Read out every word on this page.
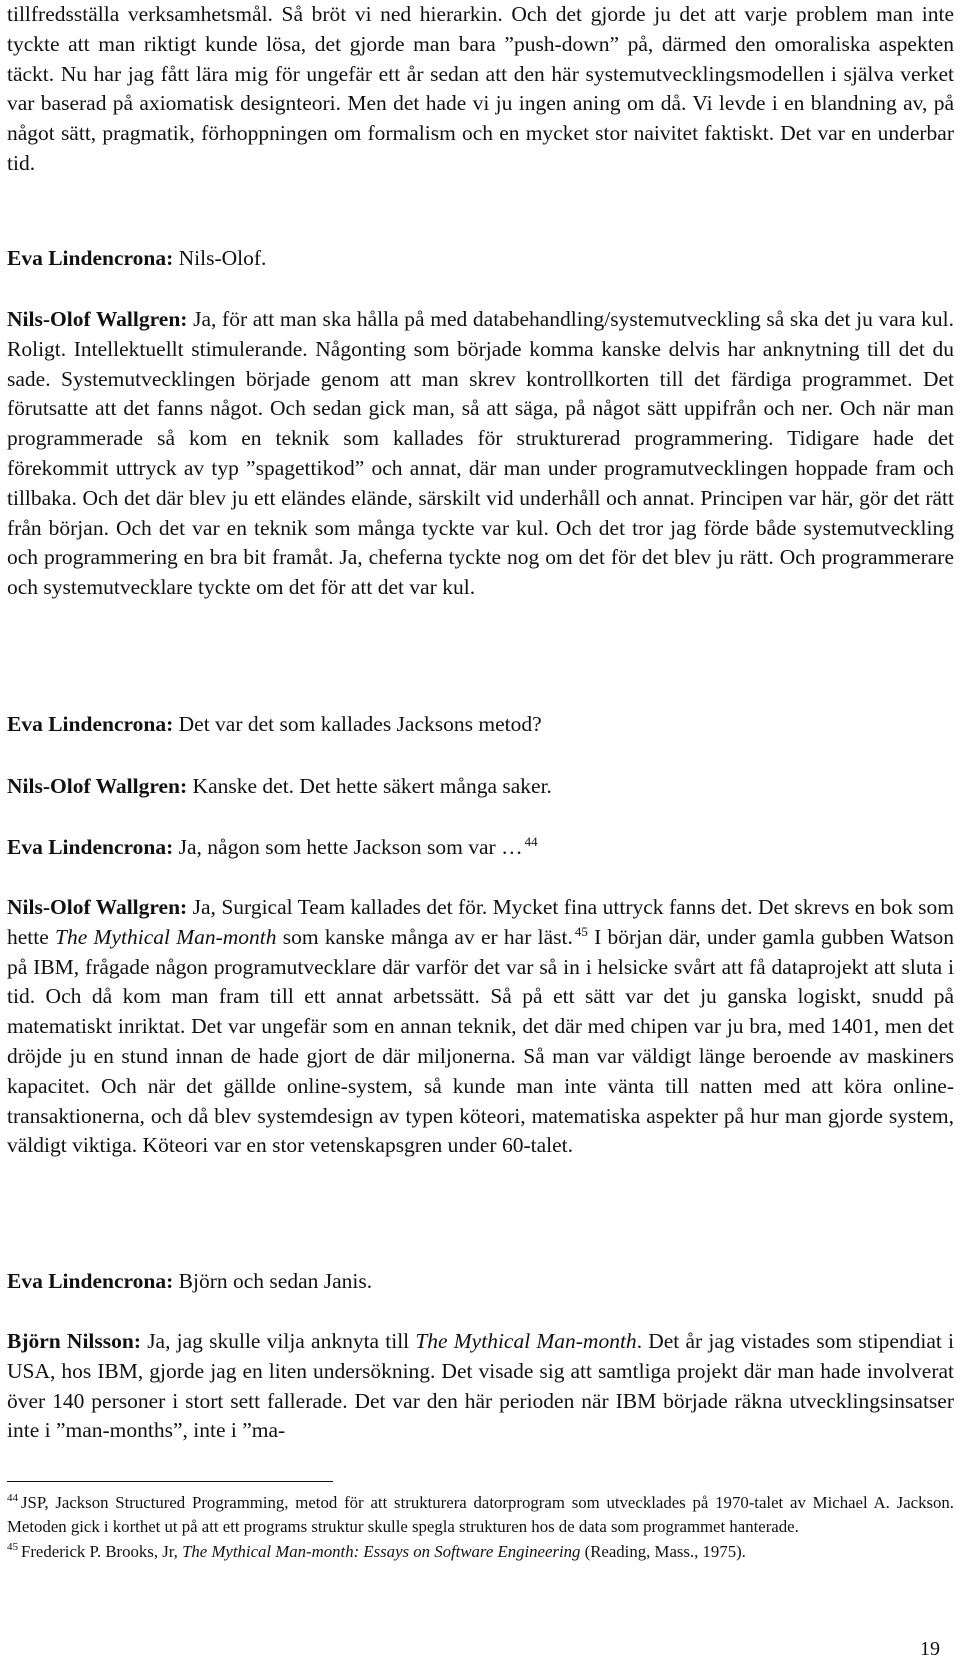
tillfredsställa verksamhetsmål. Så bröt vi ned hierarkin. Och det gjorde ju det att varje problem man inte tyckte att man riktigt kunde lösa, det gjorde man bara ”push-down” på, därmed den omoraliska aspekten täckt. Nu har jag fått lära mig för ungefär ett år sedan att den här systemutvecklingsmodellen i själva verket var baserad på axiomatisk designteori. Men det hade vi ju ingen aning om då. Vi levde i en blandning av, på något sätt, pragmatik, förhoppningen om formalism och en mycket stor naivitet faktiskt. Det var en underbar tid.

Eva Lindencrona: Nils-Olof.

Nils-Olof Wallgren: Ja, för att man ska hålla på med databehandling/systemutveckling så ska det ju vara kul. Roligt. Intellektuellt stimulerande. Någonting som började komma kanske delvis har anknytning till det du sade. Systemutvecklingen började genom att man skrev kontrollkorten till det färdiga programmet. Det förutsatte att det fanns något. Och sedan gick man, så att säga, på något sätt uppifrån och ner. Och när man programmerade så kom en teknik som kallades för strukturerad programmering. Tidigare hade det förekommit uttryck av typ ”spagettikod” och annat, där man under programutvecklingen hoppade fram och tillbaka. Och det där blev ju ett eländes elände, särskilt vid underhåll och annat. Principen var här, gör det rätt från början. Och det var en teknik som många tyckte var kul. Och det tror jag förde både systemutveckling och programmering en bra bit framåt. Ja, cheferna tyckte nog om det för det blev ju rätt. Och programmerare och systemutvecklare tyckte om det för att det var kul.

Eva Lindencrona: Det var det som kallades Jacksons metod?

Nils-Olof Wallgren: Kanske det. Det hette säkert många saker.

Eva Lindencrona: Ja, någon som hette Jackson som var … $^{44}$

Nils-Olof Wallgren: Ja, Surgical Team kallades det för. Mycket fina uttryck fanns det. Det skrevs en bok som hette The Mythical Man-month som kanske många av er har läst. $^{45}$ I början där, under gamla gubben Watson på IBM, frågade någon programutvecklare där varför det var så in i helsicke svårt att få dataprojekt att sluta i tid. Och då kom man fram till ett annat arbetssätt. Så på ett sätt var det ju ganska logiskt, snudd på matematiskt inriktat. Det var ungefär som en annan teknik, det där med chipen var ju bra, med 1401, men det dröjde ju en stund innan de hade gjort de där miljonerna. Så man var väldigt länge beroende av maskiners kapacitet. Och när det gällde online-system, så kunde man inte vänta till natten med att köra online-transaktionerna, och då blev systemdesign av typen köteori, matematiska aspekter på hur man gjorde system, väldigt viktiga. Köteori var en stor vetenskapsgren under 60-talet.

Eva Lindencrona: Björn och sedan Janis.

Björn Nilsson: Ja, jag skulle vilja anknyta till The Mythical Man-month. Det år jag vistades som stipendiat i USA, hos IBM, gjorde jag en liten undersökning. Det visade sig att samtliga projekt där man hade involverat över 140 personer i stort sett fallerade. Det var den här perioden när IBM började räkna utvecklingsinsatser inte i ”man-months”, inte i ”ma-

$^{44}$ JSP, Jackson Structured Programming, metod för att strukturera datorprogram som utvecklades på 1970-talet av Michael A. Jackson. Metoden gick i korthet ut på att ett programs struktur skulle spegla strukturen hos de data som programmet hanterade.

$^{45}$ Frederick P. Brooks, Jr, The Mythical Man-month: Essays on Software Engineering (Reading, Mass., 1975).

19
